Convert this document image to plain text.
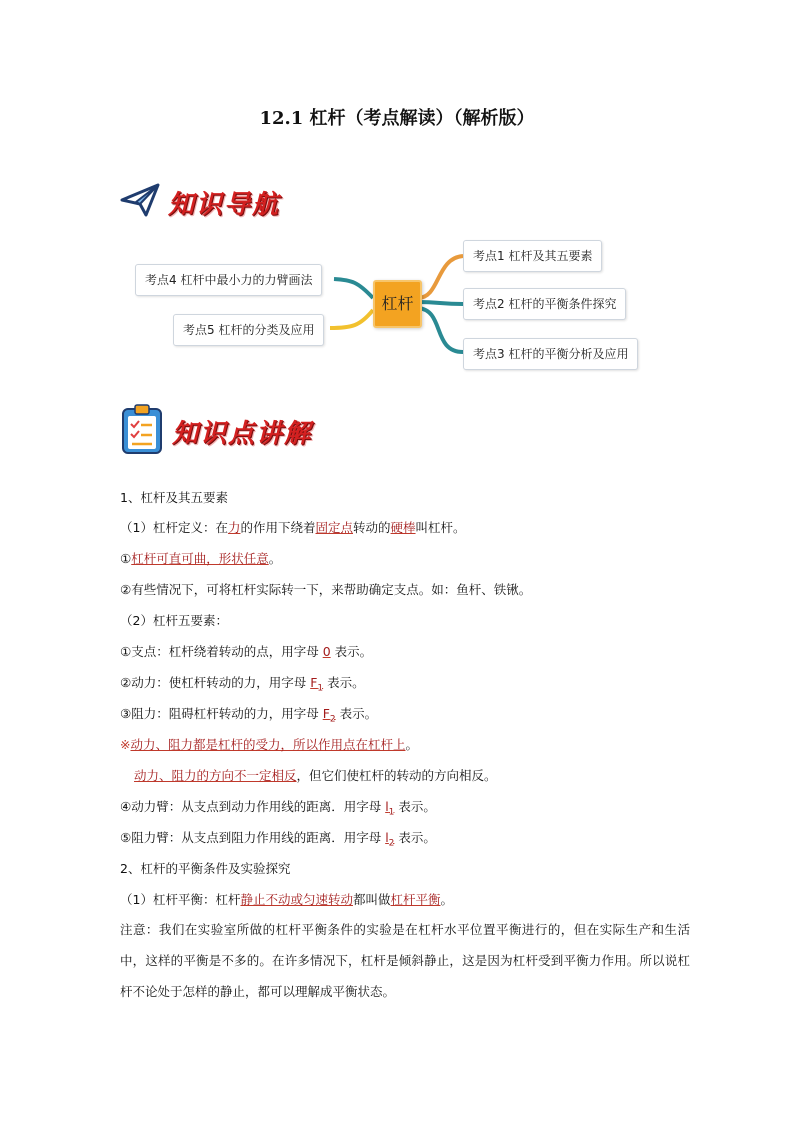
12.1 杠杆（考点解读）（解析版）
知识导航
杠杆
考点1 杠杆及其五要素
考点2 杠杆的平衡条件探究
考点3 杠杆的平衡分析及应用
考点4 杠杆中最小力的力臂画法
考点5 杠杆的分类及应用
知识点讲解
1、杠杆及其五要素
（1）杠杆定义：在力的作用下绕着固定点转动的硬棒叫杠杆。
①杠杆可直可曲，形状任意。
②有些情况下，可将杠杆实际转一下，来帮助确定支点。如：鱼杆、铁锹。
（2）杠杆五要素：
①支点：杠杆绕着转动的点，用字母 0 表示。
②动力：使杠杆转动的力，用字母 $F_1$ 表示。
③阻力：阻碍杠杆转动的力，用字母 $F_2$ 表示。
※动力、阻力都是杠杆的受力，所以作用点在杠杆上。
动力、阻力的方向不一定相反，但它们使杠杆的转动的方向相反。
④动力臂：从支点到动力作用线的距离．用字母 $l_1$ 表示。
⑤阻力臂：从支点到阻力作用线的距离．用字母 $l_2$ 表示。
2、杠杆的平衡条件及实验探究
（1）杠杆平衡：杠杆静止不动或匀速转动都叫做杠杆平衡。
注意：我们在实验室所做的杠杆平衡条件的实验是在杠杆水平位置平衡进行的，但在实际生产和生活中，这样的平衡是不多的。在许多情况下，杠杆是倾斜静止，这是因为杠杆受到平衡力作用。所以说杠杆不论处于怎样的静止，都可以理解成平衡状态。
